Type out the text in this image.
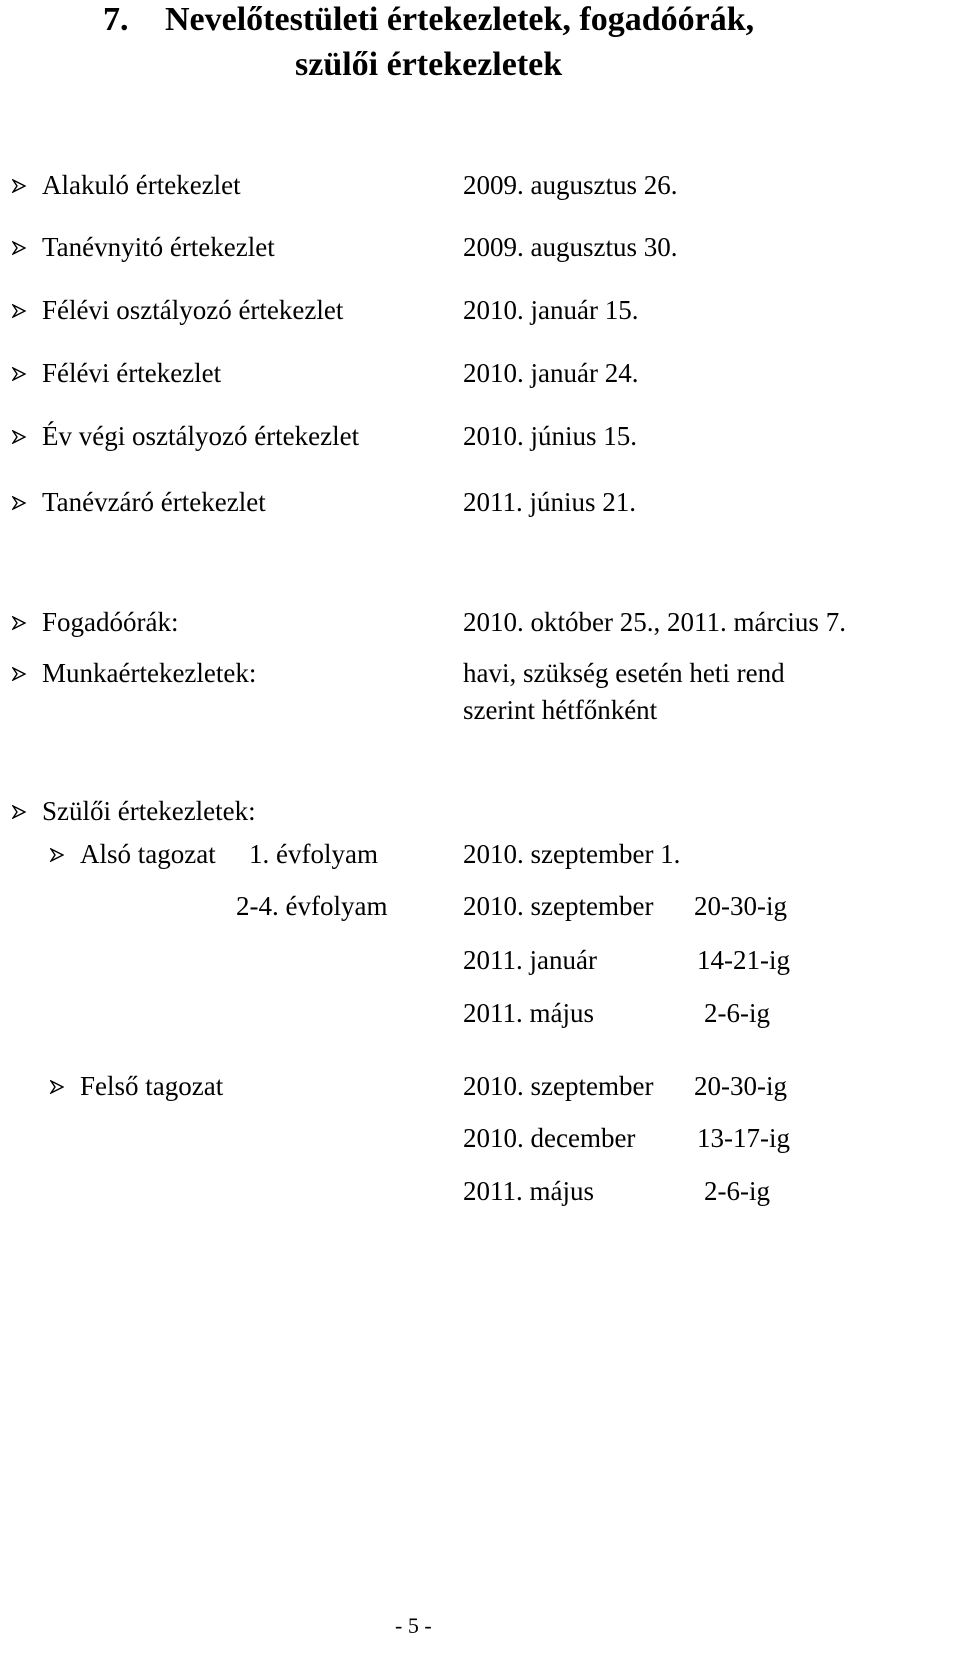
7. Nevelőtestületi értekezletek, fogadóórák,
szülői értekezletek
Alakuló értekezlet	2009. augusztus 26.
Tanévnyitó értekezlet	2009. augusztus 30.
Félévi osztályozó értekezlet	2010. január 15.
Félévi értekezlet	2010. január 24.
Év végi osztályozó értekezlet	2010. június 15.
Tanévzáró értekezlet	2011. június 21.
Fogadóórák:	2010. október 25., 2011. március 7.
Munkaértekezletek:	havi, szükség esetén heti rend
szerint hétfőnként
Szülői értekezletek:
Alsó tagozat 1. évfolyam	2010. szeptember 1.
2-4. évfolyam	2010. szeptember 20-30-ig
2011. január	14-21-ig
2011. május	2-6-ig
Felső tagozat	2010. szeptember 20-30-ig
2010. december 13-17-ig
2011. május	2-6-ig
- 5 -
